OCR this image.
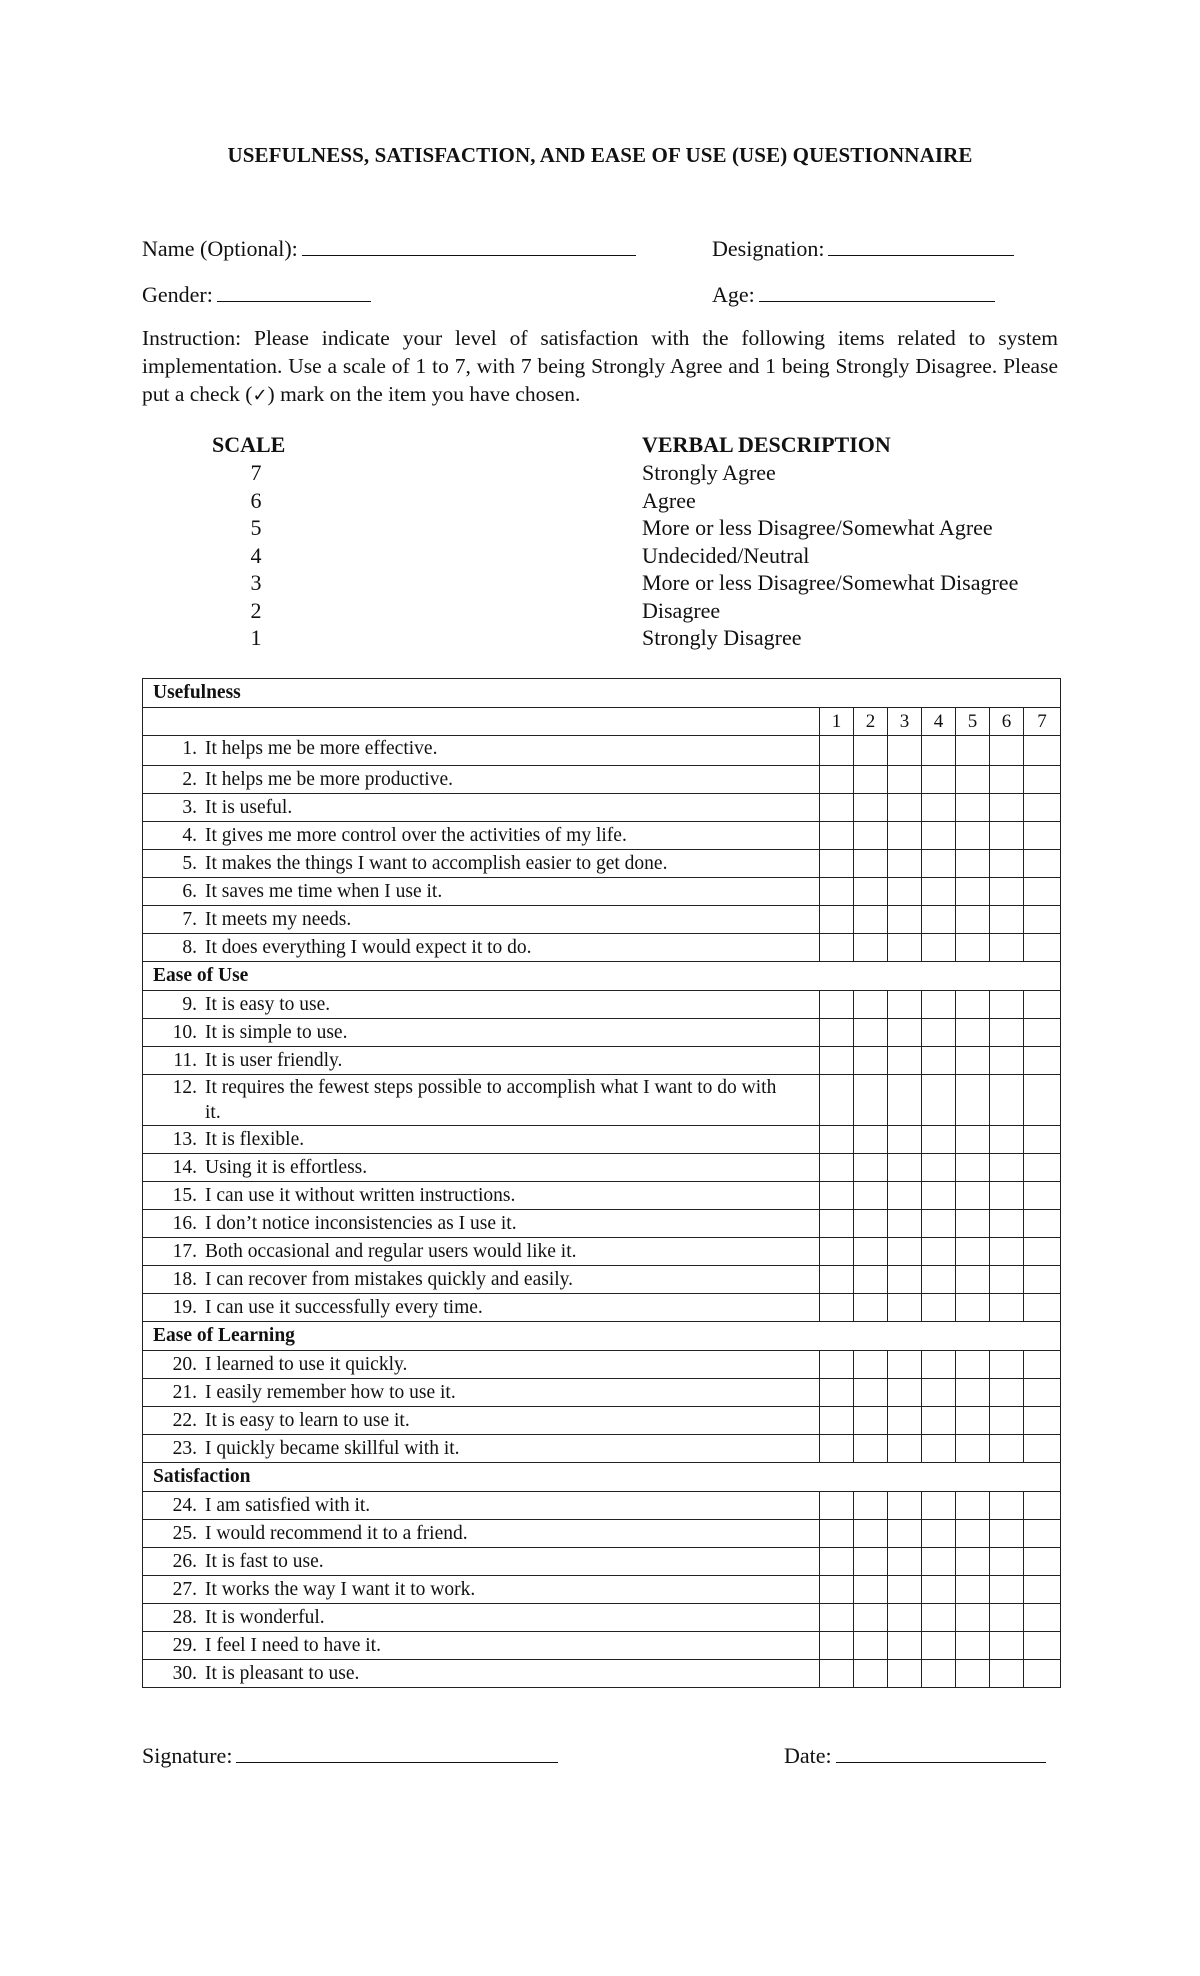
USEFULNESS, SATISFACTION, AND EASE OF USE (USE) QUESTIONNAIRE
Name (Optional):	Designation:
Gender:	Age:
Instruction: Please indicate your level of satisfaction with the following items related to system implementation. Use a scale of 1 to 7, with 7 being Strongly Agree and 1 being Strongly Disagree. Please put a check (✓) mark on the item you have chosen.
SCALE	VERBAL DESCRIPTION
7	Strongly Agree
6	Agree
5	More or less Disagree/Somewhat Agree
4	Undecided/Neutral
3	More or less Disagree/Somewhat Disagree
2	Disagree
1	Strongly Disagree
Usefulness							
	1	2	3	4	5	6	7
1. It helps me be more effective.							
2. It helps me be more productive.							
3. It is useful.							
4. It gives me more control over the activities of my life.							
5. It makes the things I want to accomplish easier to get done.							
6. It saves me time when I use it.							
7. It meets my needs.							
8. It does everything I would expect it to do.							
Ease of Use							
9. It is easy to use.							
10. It is simple to use.							
11. It is user friendly.							
12. It requires the fewest steps possible to accomplish what I want to do with it.							
13. It is flexible.							
14. Using it is effortless.							
15. I can use it without written instructions.							
16. I don’t notice inconsistencies as I use it.							
17. Both occasional and regular users would like it.							
18. I can recover from mistakes quickly and easily.							
19. I can use it successfully every time.							
Ease of Learning							
20. I learned to use it quickly.							
21. I easily remember how to use it.							
22. It is easy to learn to use it.							
23. I quickly became skillful with it.							
Satisfaction							
24. I am satisfied with it.							
25. I would recommend it to a friend.							
26. It is fast to use.							
27. It works the way I want it to work.							
28. It is wonderful.							
29. I feel I need to have it.							
30. It is pleasant to use.							
Signature:	Date:
